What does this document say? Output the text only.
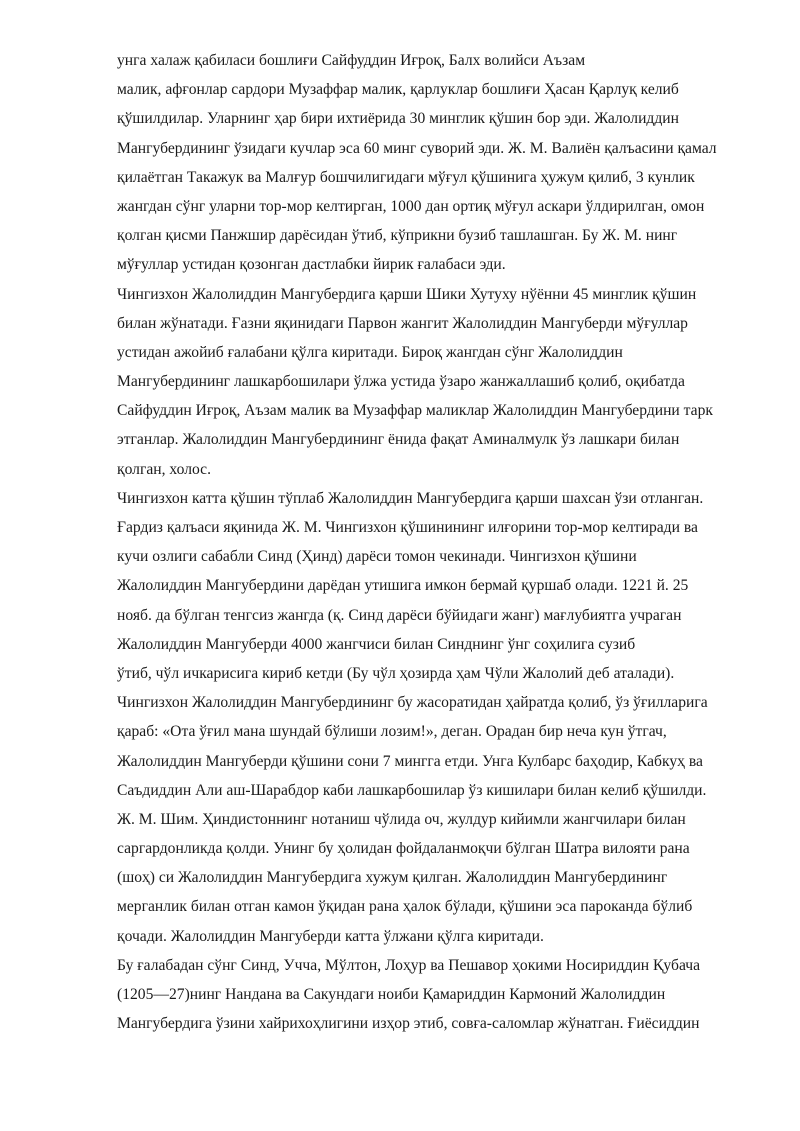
унга халаж қабиласи бошлиғи Сайфуддин Иғроқ, Балх волийси Аъзам
малик, афғонлар сардори Музаффар малик, қарлуклар бошлиғи Ҳасан Қарлуқ келиб
қўшилдилар. Уларнинг ҳар бири ихтиёрида 30 минглик қўшин бор эди. Жалолиддин
Мангубердининг ўзидаги кучлар эса 60 минг суворий эди. Ж. М. Валиён қалъасини қамал
қилаётган Такажук ва Малғур бошчилигидаги мўғул қўшинига ҳужум қилиб, 3 кунлик
жангдан сўнг уларни тор-мор келтирган, 1000 дан ортиқ мўғул аскари ўлдирилган, омон
қолган қисми Панжшир дарёсидан ўтиб, кўприкни бузиб ташлашган. Бу Ж. М. нинг
мўғуллар устидан қозонган дастлабки йирик ғалабаси эди.
Чингизхон Жалолиддин Мангубердига қарши Шики Хутуху нўённи 45 минглик қўшин
билан жўнатади. Ғазни яқинидаги Парвон жангит Жалолиддин Мангуберди мўғуллар
устидан ажойиб ғалабани қўлга киритади. Бироқ жангдан сўнг Жалолиддин
Мангубердининг лашкарбошилари ўлжа устида ўзаро жанжаллашиб қолиб, оқибатда
Сайфуддин Иғроқ, Аъзам малик ва Музаффар маликлар Жалолиддин Мангубердини тарк
этганлар. Жалолиддин Мангубердининг ёнида фақат Аминалмулк ўз лашкари билан
қолган, холос.
Чингизхон катта қўшин тўплаб Жалолиддин Мангубердига қарши шахсан ўзи отланган.
Ғардиз қалъаси яқинида Ж. М. Чингизхон қўшинининг илғорини тор-мор келтиради ва
кучи озлиги сабабли Синд (Ҳинд) дарёси томон чекинади. Чингизхон қўшини
Жалолиддин Мангубердини дарёдан утишига имкон бермай қуршаб олади. 1221 й. 25
нояб. да бўлган тенгсиз жангда (қ. Синд дарёси бўйидаги жанг) мағлубиятга учраган
Жалолиддин Мангуберди 4000 жангчиси билан Синднинг ўнг соҳилига сузиб
ўтиб, чўл ичкарисига кириб кетди (Бу чўл ҳозирда ҳам Чўли Жалолий деб аталади).
Чингизхон Жалолиддин Мангубердининг бу жасоратидан ҳайратда қолиб, ўз ўғилларига
қараб: «Ота ўғил мана шундай бўлиши лозим!», деган. Орадан бир неча кун ўтгач,
Жалолиддин Мангуберди қўшини сони 7 мингга етди. Унга Кулбарс баҳодир, Кабкуҳ ва
Саъдиддин Али аш-Шарабдор каби лашкарбошилар ўз кишилари билан келиб қўшилди.
Ж. М. Шим. Ҳиндистоннинг нотаниш чўлида оч, жулдур кийимли жангчилари билан
саргардонликда қолди. Унинг бу ҳолидан фойдаланмоқчи бўлган Шатра вилояти рана
(шоҳ) си Жалолиддин Мангубердига хужум қилган. Жалолиддин Мангубердининг
мерганлик билан отган камон ўқидан рана ҳалок бўлади, қўшини эса пароканда бўлиб
қочади. Жалолиддин Мангуберди катта ўлжани қўлга киритади.
Бу ғалабадан сўнг Синд, Учча, Мўлтон, Лоҳур ва Пешавор ҳокими Носириддин Қубача
(1205—27)нинг Нандана ва Сакундаги ноиби Қамариддин Кармоний Жалолиддин
Мангубердига ўзини хайрихоҳлигини изҳор этиб, совға-саломлар жўнатган. Ғиёсиддин
